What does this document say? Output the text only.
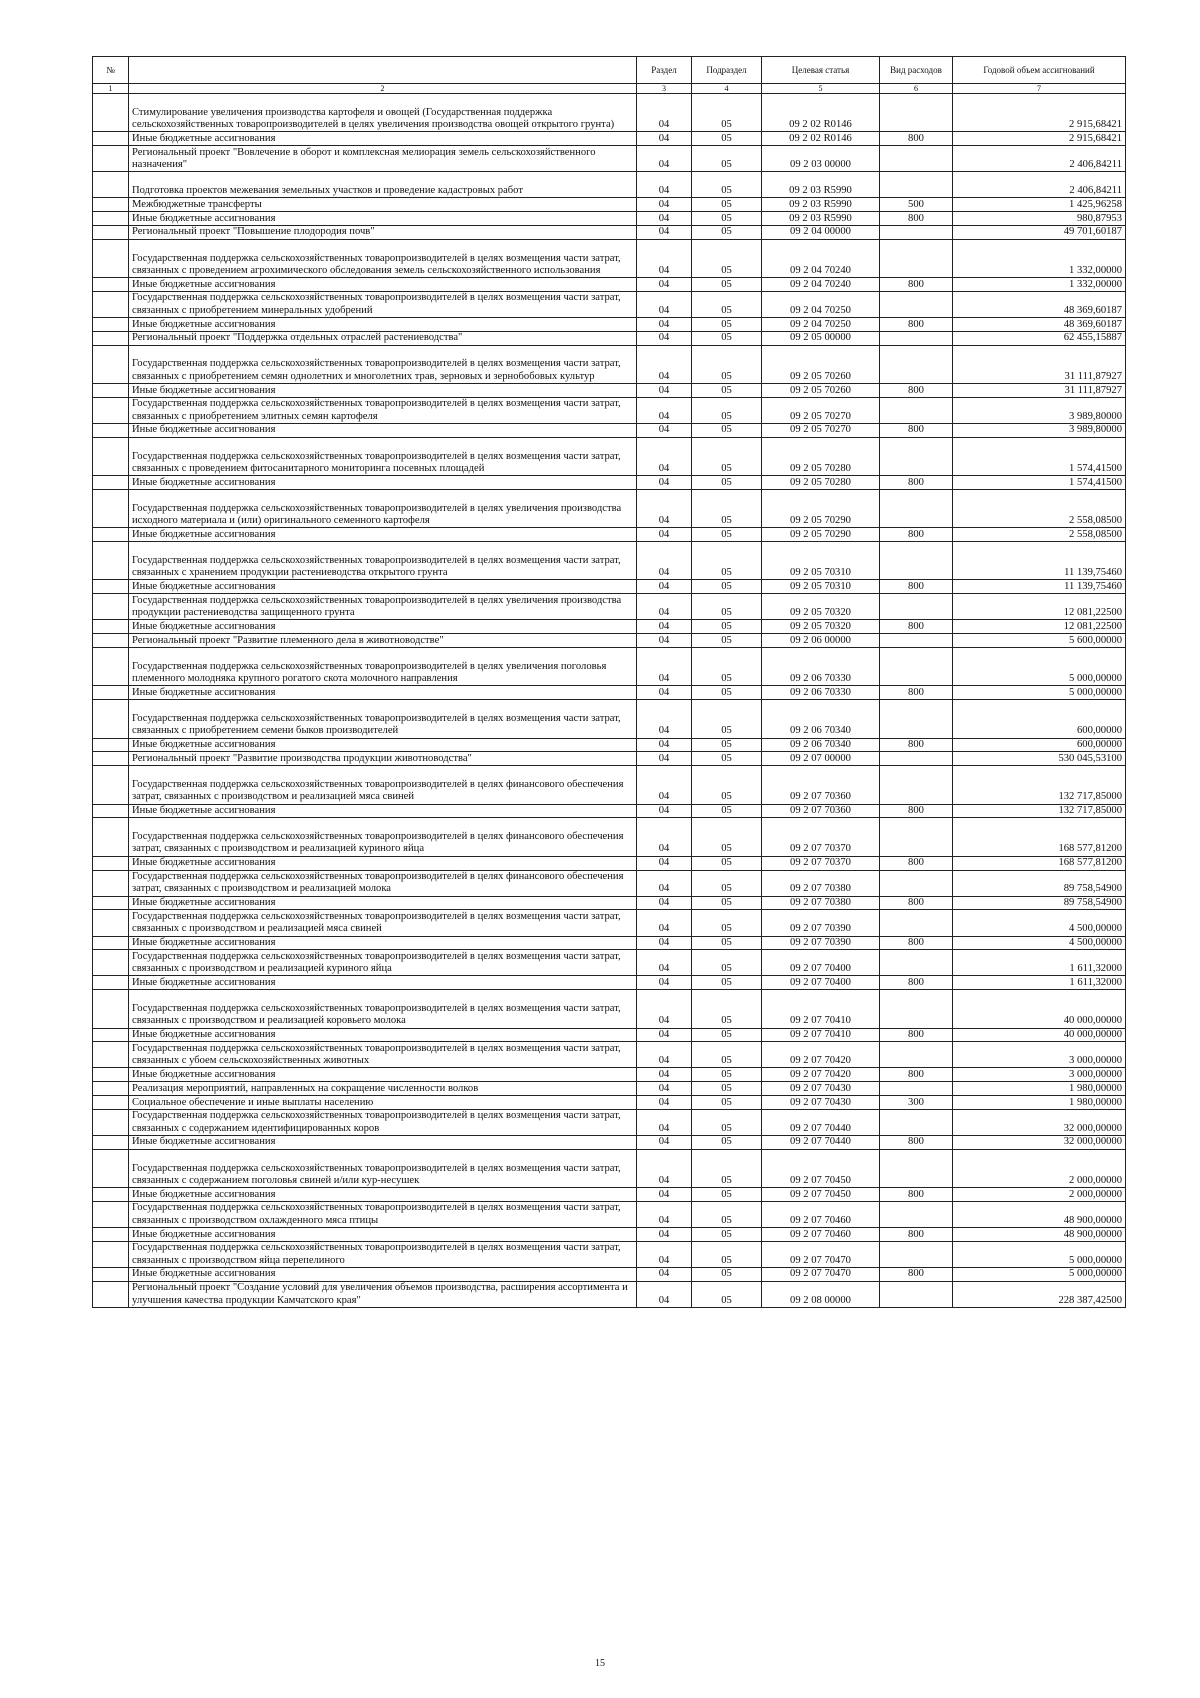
№		Раздел	Подраздел	Целевая статья	Вид расходов	Годовой объем ассигнований
1	2	3	4	5	6	7
	Стимулирование увеличения производства картофеля и овощей (Государственная поддержка сельскохозяйственных товаропроизводителей в целях увеличения производства овощей открытого грунта)	04	05	09 2 02 R0146		2 915,68421
	Иные бюджетные ассигнования	04	05	09 2 02 R0146	800	2 915,68421
	Региональный проект "Вовлечение в оборот и комплексная мелиорация земель сельскохозяйственного назначения"	04	05	09 2 03 00000		2 406,84211
	Подготовка проектов межевания земельных участков и проведение кадастровых работ	04	05	09 2 03 R5990		2 406,84211
	Межбюджетные трансферты	04	05	09 2 03 R5990	500	1 425,96258
	Иные бюджетные ассигнования	04	05	09 2 03 R5990	800	980,87953
	Региональный проект "Повышение плодородия почв"	04	05	09 2 04 00000		49 701,60187
	Государственная поддержка сельскохозяйственных товаропроизводителей в целях возмещения части затрат, связанных с проведением агрохимического обследования земель сельскохозяйственного использования	04	05	09 2 04 70240		1 332,00000
	Иные бюджетные ассигнования	04	05	09 2 04 70240	800	1 332,00000
	Государственная поддержка сельскохозяйственных товаропроизводителей в целях возмещения части затрат, связанных с приобретением минеральных удобрений	04	05	09 2 04 70250		48 369,60187
	Иные бюджетные ассигнования	04	05	09 2 04 70250	800	48 369,60187
	Региональный проект "Поддержка отдельных отраслей растениеводства"	04	05	09 2 05 00000		62 455,15887
	Государственная поддержка сельскохозяйственных товаропроизводителей в целях возмещения части затрат, связанных с приобретением семян однолетних и многолетних трав, зерновых и зернобобовых культур	04	05	09 2 05 70260		31 111,87927
	Иные бюджетные ассигнования	04	05	09 2 05 70260	800	31 111,87927
	Государственная поддержка сельскохозяйственных товаропроизводителей в целях возмещения части затрат, связанных с приобретением элитных семян картофеля	04	05	09 2 05 70270		3 989,80000
	Иные бюджетные ассигнования	04	05	09 2 05 70270	800	3 989,80000
	Государственная поддержка сельскохозяйственных товаропроизводителей в целях возмещения части затрат, связанных с проведением фитосанитарного мониторинга посевных площадей	04	05	09 2 05 70280		1 574,41500
	Иные бюджетные ассигнования	04	05	09 2 05 70280	800	1 574,41500
	Государственная поддержка сельскохозяйственных товаропроизводителей в целях увеличения производства исходного материала и (или) оригинального семенного картофеля	04	05	09 2 05 70290		2 558,08500
	Иные бюджетные ассигнования	04	05	09 2 05 70290	800	2 558,08500
	Государственная поддержка сельскохозяйственных товаропроизводителей в целях возмещения части затрат, связанных с хранением продукции растениеводства открытого грунта	04	05	09 2 05 70310		11 139,75460
	Иные бюджетные ассигнования	04	05	09 2 05 70310	800	11 139,75460
	Государственная поддержка сельскохозяйственных товаропроизводителей в целях увеличения производства продукции растениеводства защищенного грунта	04	05	09 2 05 70320		12 081,22500
	Иные бюджетные ассигнования	04	05	09 2 05 70320	800	12 081,22500
	Региональный проект "Развитие племенного дела в животноводстве"	04	05	09 2 06 00000		5 600,00000
	Государственная поддержка сельскохозяйственных товаропроизводителей в целях увеличения поголовья племенного молодняка крупного рогатого скота молочного направления	04	05	09 2 06 70330		5 000,00000
	Иные бюджетные ассигнования	04	05	09 2 06 70330	800	5 000,00000
	Государственная поддержка сельскохозяйственных товаропроизводителей в целях возмещения части затрат, связанных с приобретением семени быков производителей	04	05	09 2 06 70340		600,00000
	Иные бюджетные ассигнования	04	05	09 2 06 70340	800	600,00000
	Региональный проект "Развитие производства продукции животноводства"	04	05	09 2 07 00000		530 045,53100
	Государственная поддержка сельскохозяйственных товаропроизводителей в целях финансового обеспечения затрат, связанных с производством и реализацией мяса свиней	04	05	09 2 07 70360		132 717,85000
	Иные бюджетные ассигнования	04	05	09 2 07 70360	800	132 717,85000
	Государственная поддержка сельскохозяйственных товаропроизводителей в целях финансового обеспечения затрат, связанных с производством и реализацией куриного яйца	04	05	09 2 07 70370		168 577,81200
	Иные бюджетные ассигнования	04	05	09 2 07 70370	800	168 577,81200
	Государственная поддержка сельскохозяйственных товаропроизводителей в целях финансового обеспечения затрат, связанных с производством и реализацией молока	04	05	09 2 07 70380		89 758,54900
	Иные бюджетные ассигнования	04	05	09 2 07 70380	800	89 758,54900
	Государственная поддержка сельскохозяйственных товаропроизводителей в целях возмещения части затрат, связанных с производством и реализацией мяса свиней	04	05	09 2 07 70390		4 500,00000
	Иные бюджетные ассигнования	04	05	09 2 07 70390	800	4 500,00000
	Государственная поддержка сельскохозяйственных товаропроизводителей в целях возмещения части затрат, связанных с производством и реализацией куриного яйца	04	05	09 2 07 70400		1 611,32000
	Иные бюджетные ассигнования	04	05	09 2 07 70400	800	1 611,32000
	Государственная поддержка сельскохозяйственных товаропроизводителей в целях возмещения части затрат, связанных с производством и реализацией коровьего молока	04	05	09 2 07 70410		40 000,00000
	Иные бюджетные ассигнования	04	05	09 2 07 70410	800	40 000,00000
	Государственная поддержка сельскохозяйственных товаропроизводителей в целях возмещения части затрат, связанных с убоем сельскохозяйственных животных	04	05	09 2 07 70420		3 000,00000
	Иные бюджетные ассигнования	04	05	09 2 07 70420	800	3 000,00000
	Реализация мероприятий, направленных на сокращение численности волков	04	05	09 2 07 70430		1 980,00000
	Социальное обеспечение и иные выплаты населению	04	05	09 2 07 70430	300	1 980,00000
	Государственная поддержка сельскохозяйственных товаропроизводителей в целях возмещения части затрат, связанных с содержанием идентифицированных коров	04	05	09 2 07 70440		32 000,00000
	Иные бюджетные ассигнования	04	05	09 2 07 70440	800	32 000,00000
	Государственная поддержка сельскохозяйственных товаропроизводителей в целях возмещения части затрат, связанных с содержанием поголовья свиней и/или кур-несушек	04	05	09 2 07 70450		2 000,00000
	Иные бюджетные ассигнования	04	05	09 2 07 70450	800	2 000,00000
	Государственная поддержка сельскохозяйственных товаропроизводителей в целях возмещения части затрат, связанных с производством охлажденного мяса птицы	04	05	09 2 07 70460		48 900,00000
	Иные бюджетные ассигнования	04	05	09 2 07 70460	800	48 900,00000
	Государственная поддержка сельскохозяйственных товаропроизводителей в целях возмещения части затрат, связанных с производством яйца перепелиного	04	05	09 2 07 70470		5 000,00000
	Иные бюджетные ассигнования	04	05	09 2 07 70470	800	5 000,00000
	Региональный проект "Создание условий для увеличения объемов производства, расширения ассортимента и улучшения качества продукции Камчатского края"	04	05	09 2 08 00000		228 387,42500
15
